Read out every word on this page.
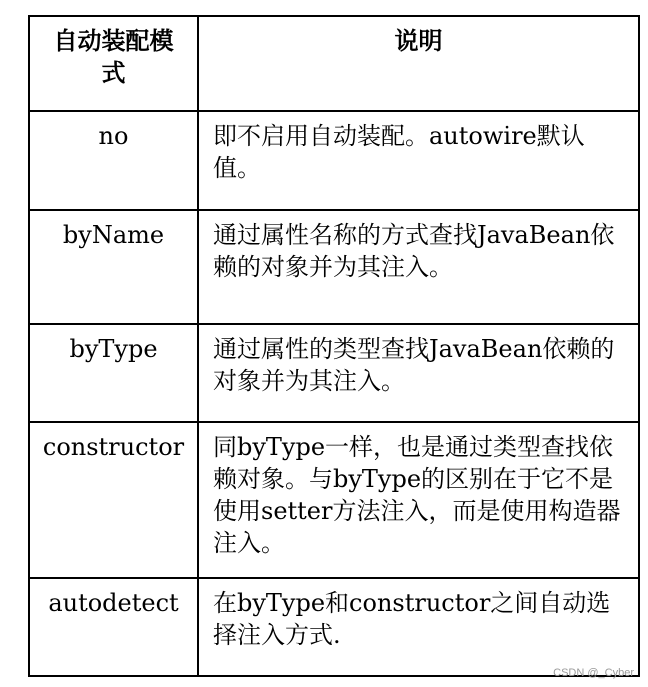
自动装配模式	说明
no	即不启用自动装配。autowire默认值。
byName	通过属性名称的方式查找JavaBean依赖的对象并为其注入。
byType	通过属性的类型查找JavaBean依赖的对象并为其注入。
constructor	同byType一样，也是通过类型查找依赖对象。与byType的区别在于它不是使用setter方法注入，而是使用构造器注入。
autodetect	在byType和constructor之间自动选择注入方式.
CSDN @_Cyber
